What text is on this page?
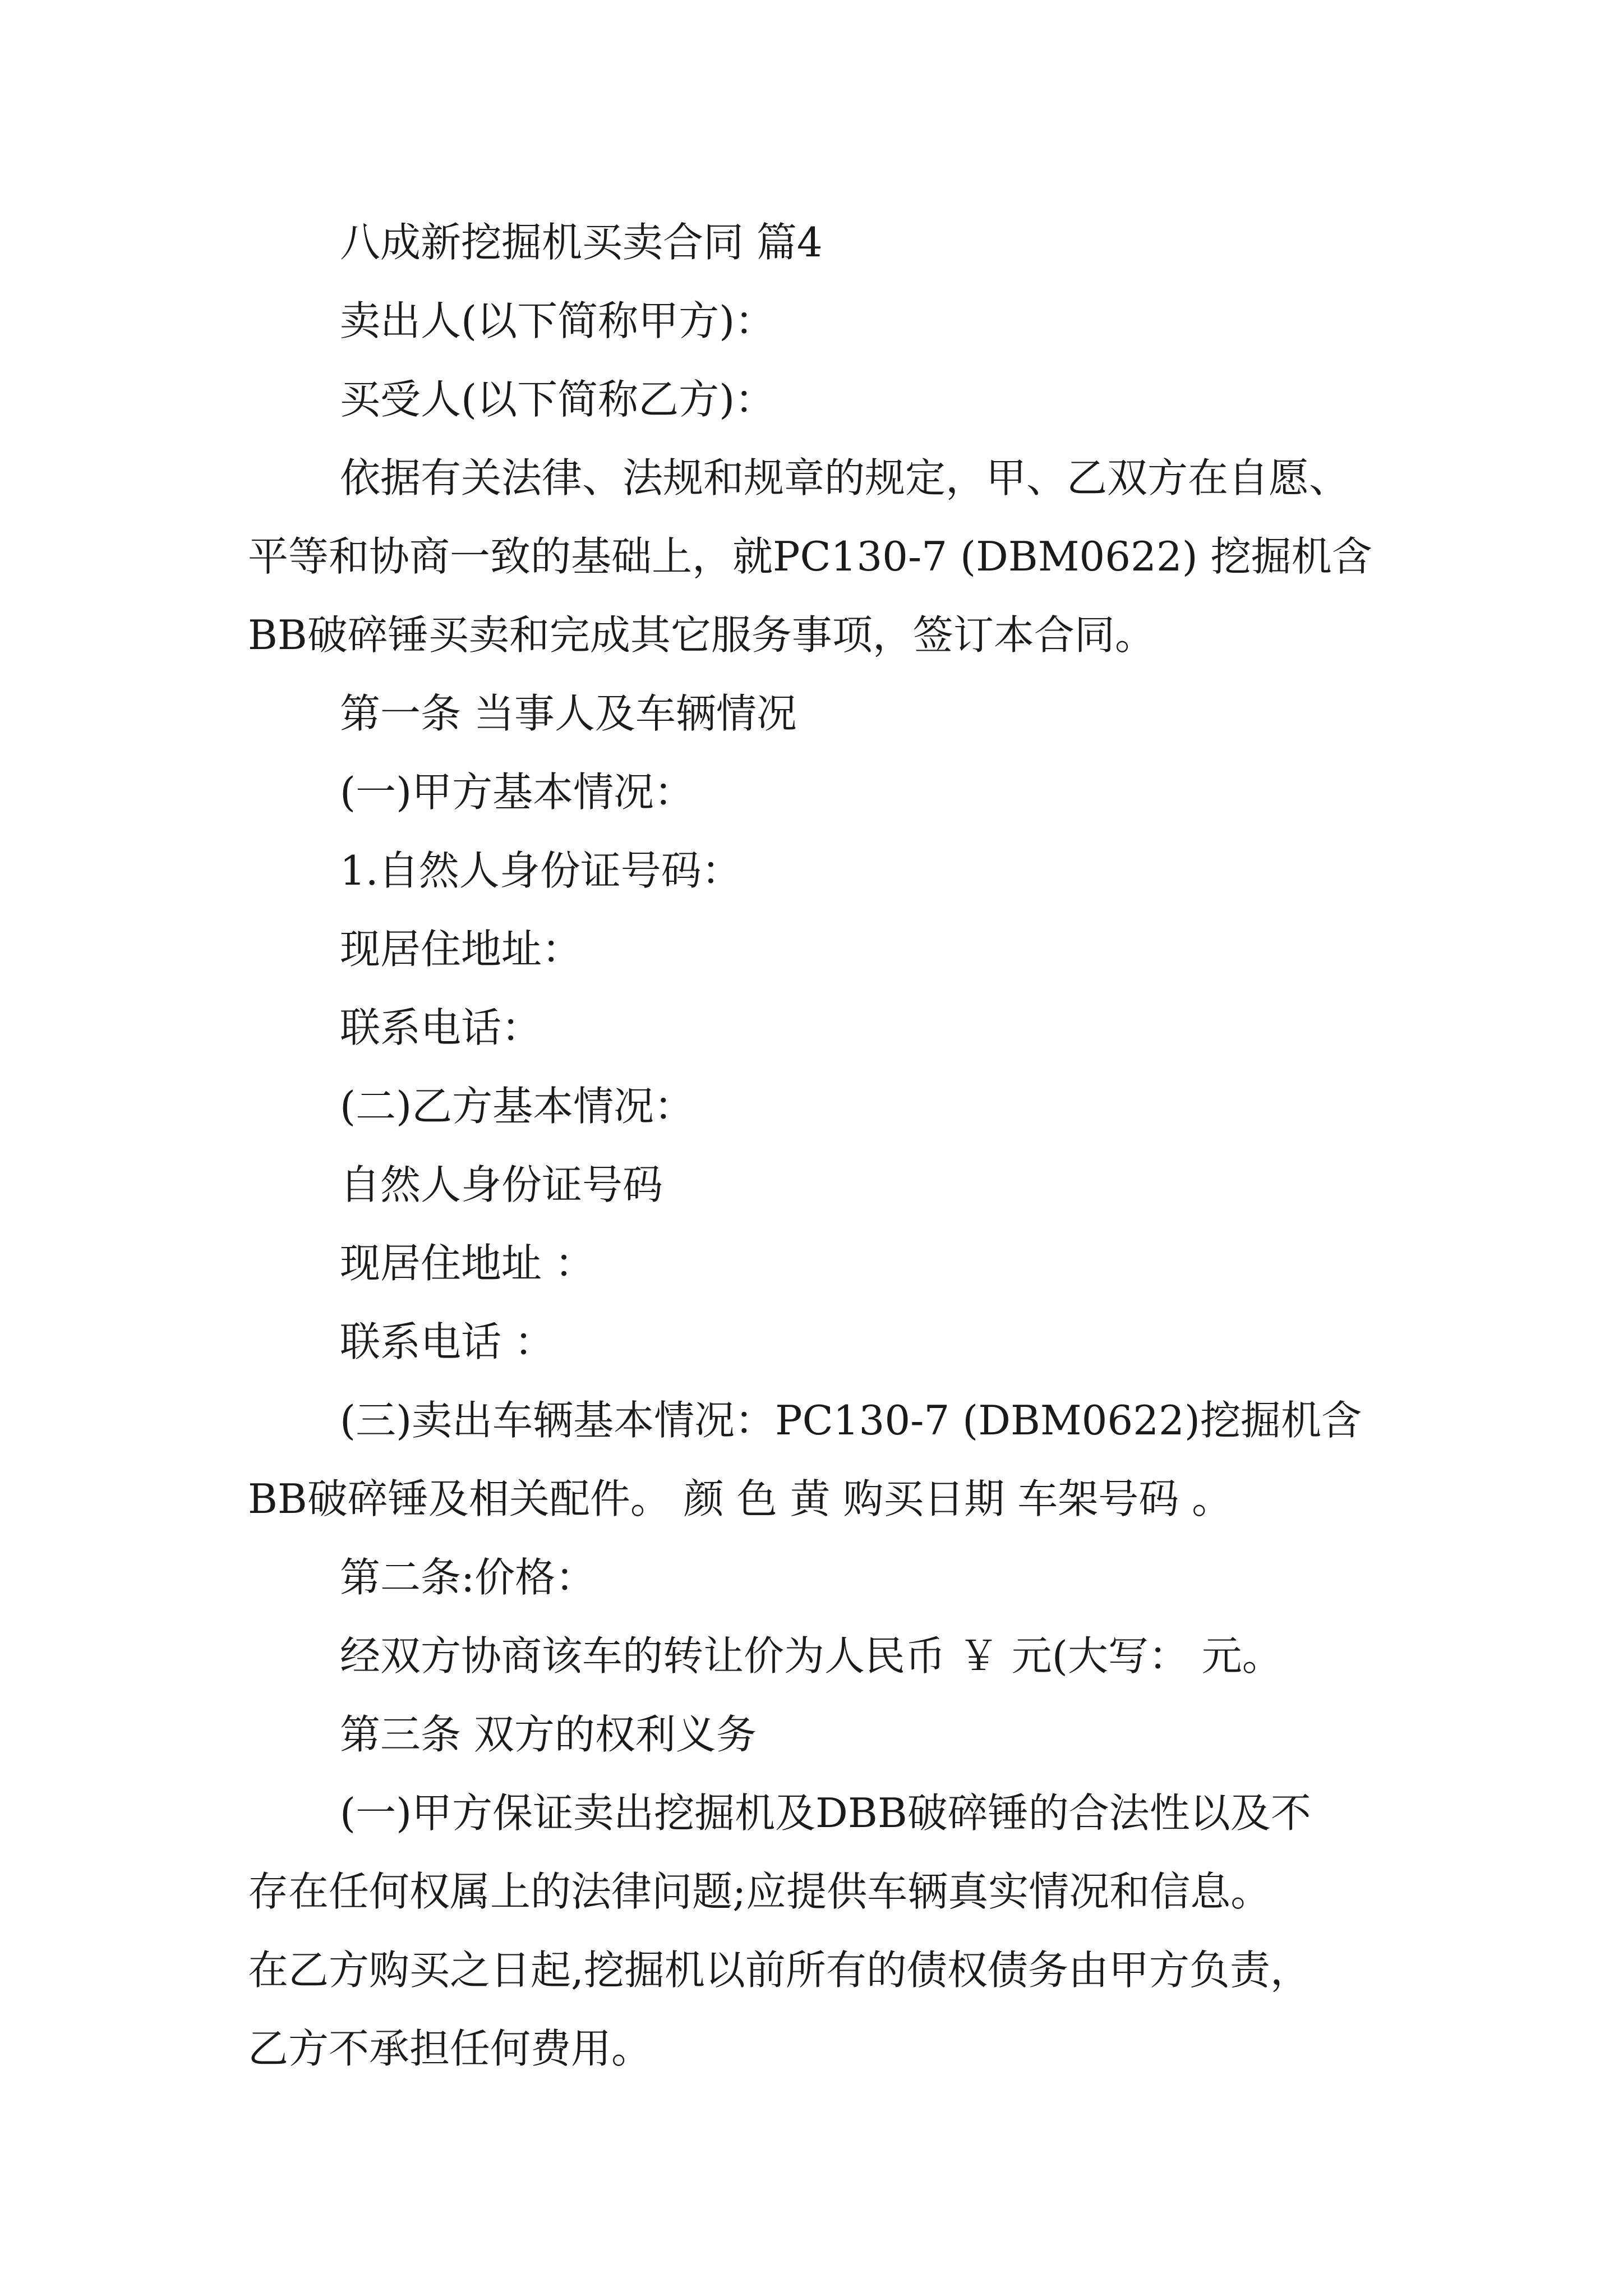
八成新挖掘机买卖合同 篇4

卖出人(以下简称甲方)：

买受人(以下简称乙方)：

依据有关法律、法规和规章的规定，甲、乙双方在自愿、
平等和协商一致的基础上，就PC130-7 (DBM0622) 挖掘机含
BB破碎锤买卖和完成其它服务事项，签订本合同。

第一条 当事人及车辆情况

(一)甲方基本情况：

1.自然人身份证号码：

现居住地址：

联系电话：

(二)乙方基本情况：

自然人身份证号码

现居住地址 ：

联系电话 ：

(三)卖出车辆基本情况：PC130-7 (DBM0622)挖掘机含
BB破碎锤及相关配件。 颜 色 黄 购买日期 车架号码 。

第二条:价格：

经双方协商该车的转让价为人民币 ￥ 元(大写： 元。

第三条 双方的权利义务

(一)甲方保证卖出挖掘机及DBB破碎锤的合法性以及不
存在任何权属上的法律问题;应提供车辆真实情况和信息。
在乙方购买之日起,挖掘机以前所有的债权债务由甲方负责，
乙方不承担任何费用。
